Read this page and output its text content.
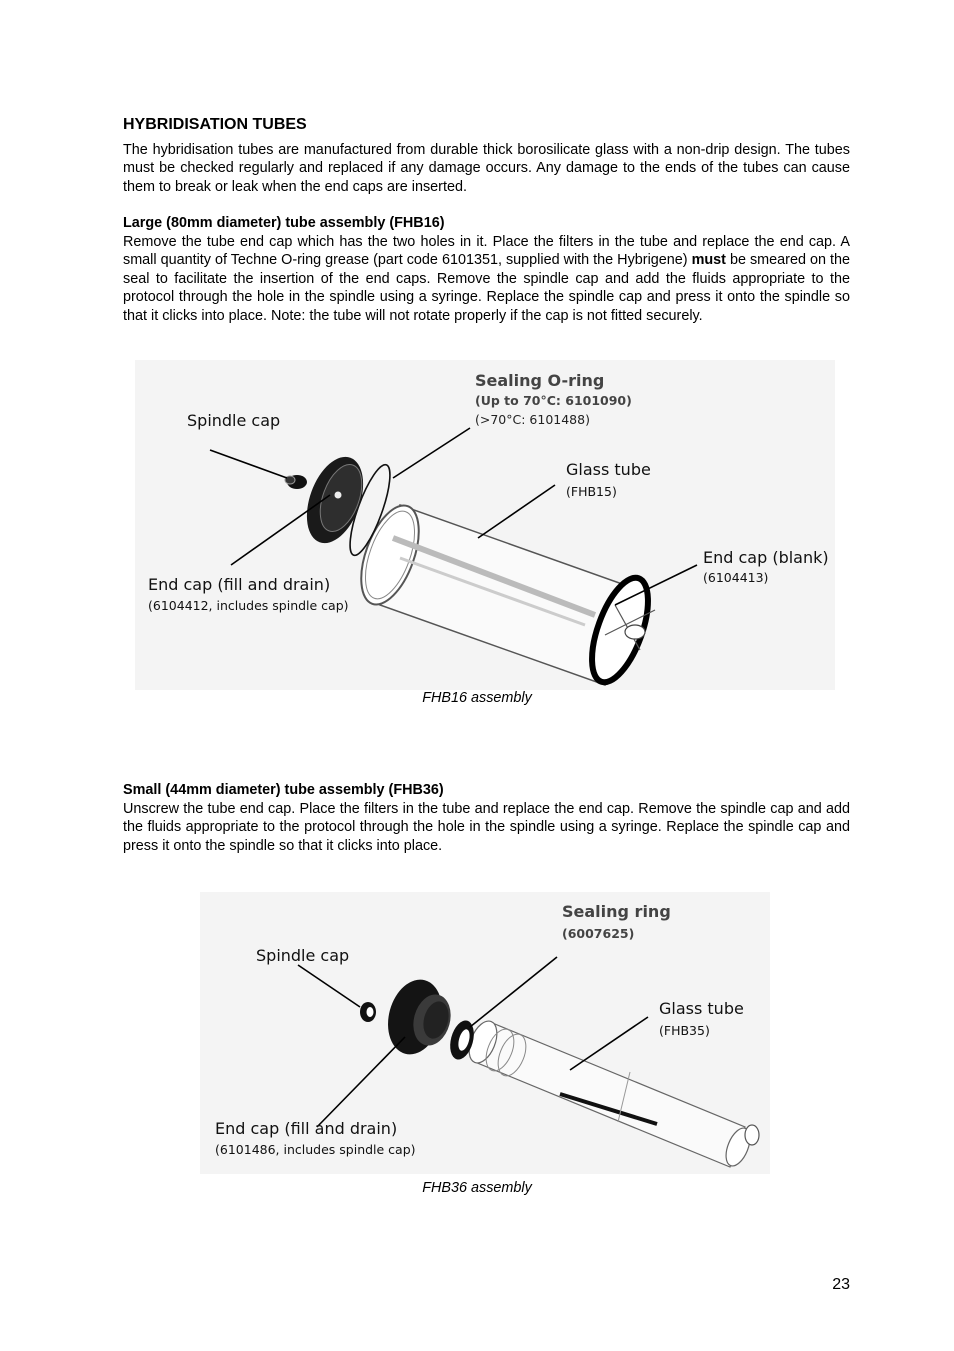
HYBRIDISATION TUBES
The hybridisation tubes are manufactured from durable thick borosilicate glass with a non-drip design. The tubes must be checked regularly and replaced if any damage occurs. Any damage to the ends of the tubes can cause them to break or leak when the end caps are inserted.
Large (80mm diameter) tube assembly (FHB16)
Remove the tube end cap which has the two holes in it. Place the filters in the tube and replace the end cap. A small quantity of Techne O-ring grease (part code 6101351, supplied with the Hybrigene) must be smeared on the seal to facilitate the insertion of the end caps. Remove the spindle cap and add the fluids appropriate to the protocol through the hole in the spindle using a syringe. Replace the spindle cap and press it onto the spindle so that it clicks into place. Note: the tube will not rotate properly if the cap is not fitted securely.
Sealing O-ring
(Up to 70°C: 6101090)
(>70°C: 6101488)
Spindle cap
Glass tube
(FHB15)
End cap (blank)
(6104413)
End cap (fill and drain)
(6104412, includes spindle cap)
FHB16 assembly
Small (44mm diameter) tube assembly (FHB36)
Unscrew the tube end cap. Place the filters in the tube and replace the end cap. Remove the spindle cap and add the fluids appropriate to the protocol through the hole in the spindle using a syringe. Replace the spindle cap and press it onto the spindle so that it clicks into place.
Sealing ring
(6007625)
Spindle cap
Glass tube
(FHB35)
End cap (fill and drain)
(6101486, includes spindle cap)
FHB36 assembly
23
